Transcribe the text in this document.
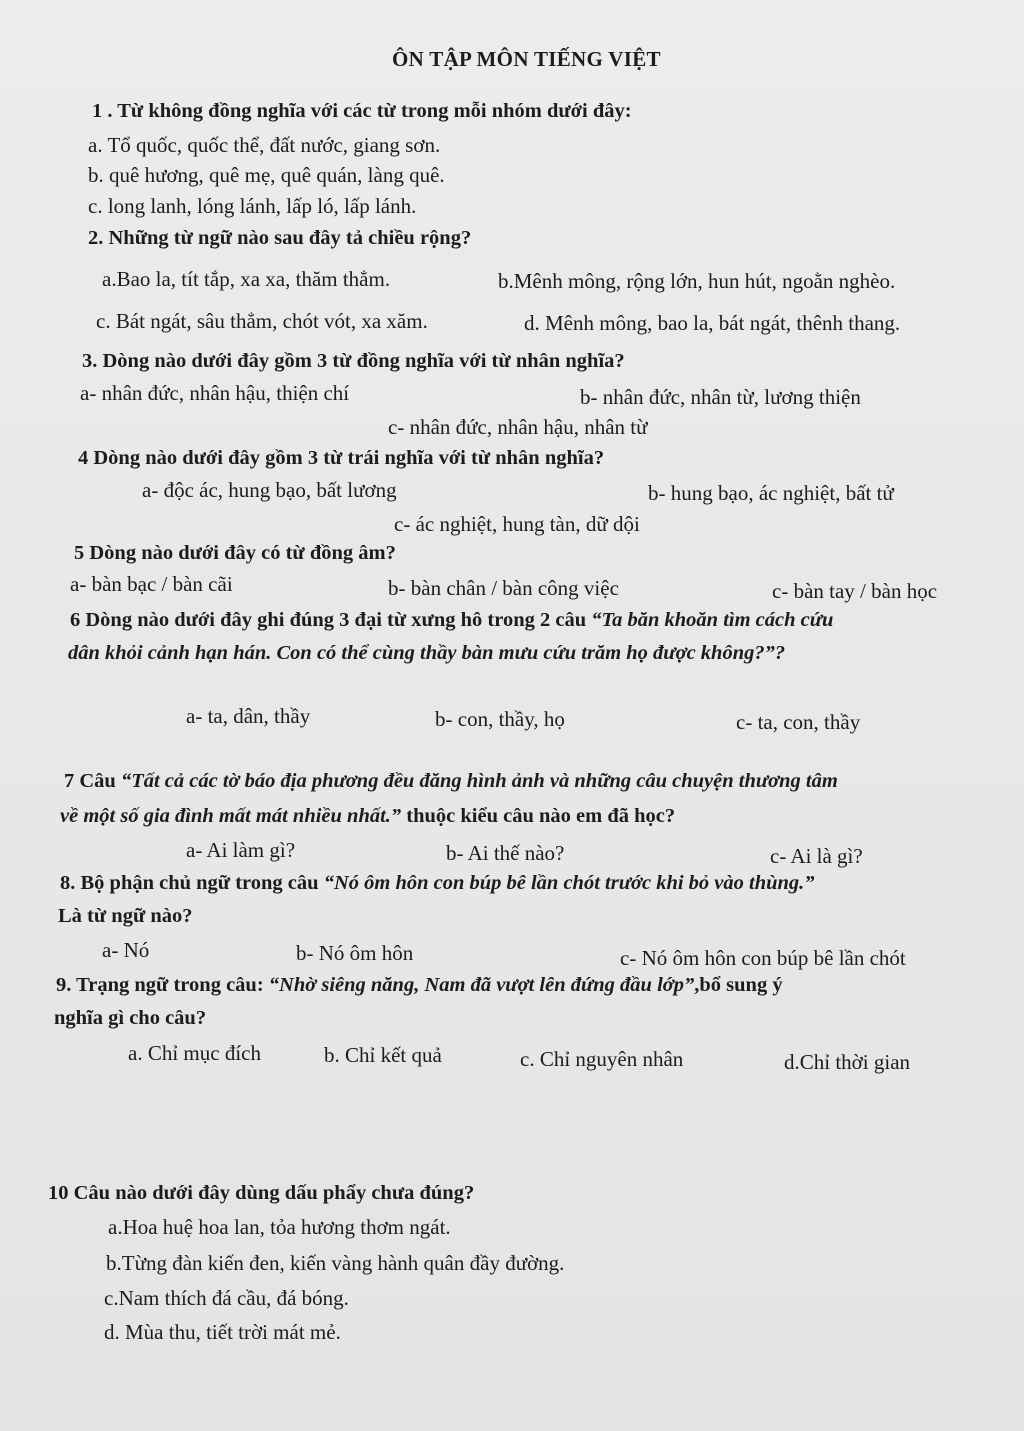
ÔN TẬP MÔN TIẾNG VIỆT
1 . Từ không đồng nghĩa với các từ trong mỗi nhóm dưới đây:
a. Tổ quốc, quốc thể, đất nước, giang sơn.
b. quê hương, quê mẹ, quê quán, làng quê.
c. long lanh, lóng lánh, lấp ló, lấp lánh.
2. Những từ ngữ nào sau đây tả chiều rộng?
a.Bao la, tít tắp, xa xa, thăm thẳm.	b.Mênh mông, rộng lớn, hun hút, ngoằn nghèo.
c. Bát ngát, sâu thẳm, chót vót, xa xăm.	d. Mênh mông, bao la, bát ngát, thênh thang.
3. Dòng nào dưới đây gồm 3 từ đồng nghĩa với từ nhân nghĩa?
a- nhân đức, nhân hậu, thiện chí	b- nhân đức, nhân từ, lương thiện
c- nhân đức, nhân hậu, nhân từ
4 Dòng nào dưới đây gồm 3 từ trái nghĩa với từ nhân nghĩa?
a- độc ác, hung bạo, bất lương	b- hung bạo, ác nghiệt, bất tử
c- ác nghiệt, hung tàn, dữ dội
5 Dòng nào dưới đây có từ đồng âm?
a- bàn bạc / bàn cãi	b- bàn chân / bàn công việc	c- bàn tay / bàn học
6 Dòng nào dưới đây ghi đúng 3 đại từ xưng hô trong 2 câu “Ta băn khoăn tìm cách cứu
dân khỏi cảnh hạn hán. Con có thể cùng thầy bàn mưu cứu trăm họ được không?”?
a- ta, dân, thầy	b- con, thầy, họ	c- ta, con, thầy
7 Câu “Tất cả các tờ báo địa phương đều đăng hình ảnh và những câu chuyện thương tâm
về một số gia đình mất mát nhiều nhất.” thuộc kiểu câu nào em đã học?
a- Ai làm gì?	b- Ai thế nào?	c- Ai là gì?
8. Bộ phận chủ ngữ trong câu “Nó ôm hôn con búp bê lần chót trước khi bỏ vào thùng.”
Là từ ngữ nào?
a- Nó	b- Nó ôm hôn	c- Nó ôm hôn con búp bê lần chót
9. Trạng ngữ trong câu: “Nhờ siêng năng, Nam đã vượt lên đứng đầu lớp”,bổ sung ý
nghĩa gì cho câu?
a. Chỉ mục đích	b. Chỉ kết quả	c. Chỉ nguyên nhân	d.Chỉ thời gian
10 Câu nào dưới đây dùng dấu phẩy chưa đúng?
a.Hoa huệ hoa lan, tỏa hương thơm ngát.
b.Từng đàn kiến đen, kiến vàng hành quân đầy đường.
c.Nam thích đá cầu, đá bóng.
d. Mùa thu, tiết trời mát mẻ.
